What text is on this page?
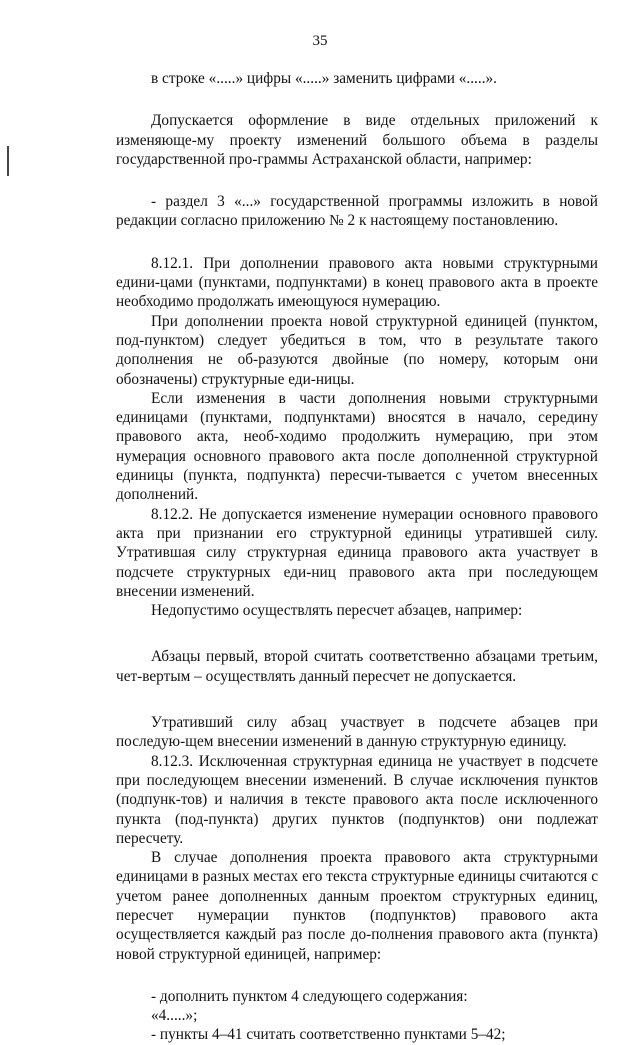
35

в строке «.....» цифры «.....» заменить цифрами «.....».

Допускается оформление в виде отдельных приложений к изменяюще-му проекту изменений большого объема в разделы государственной про-граммы Астраханской области, например:

- раздел 3 «...» государственной программы изложить в новой редакции согласно приложению № 2 к настоящему постановлению.

8.12.1. При дополнении правового акта новыми структурными едини-цами (пунктами, подпунктами) в конец правового акта в проекте необходимо продолжать имеющуюся нумерацию.

При дополнении проекта новой структурной единицей (пунктом, под-пунктом) следует убедиться в том, что в результате такого дополнения не об-разуются двойные (по номеру, которым они обозначены) структурные еди-ницы.

Если изменения в части дополнения новыми структурными единицами (пунктами, подпунктами) вносятся в начало, середину правового акта, необ-ходимо продолжить нумерацию, при этом нумерация основного правового акта после дополненной структурной единицы (пункта, подпункта) пересчи-тывается с учетом внесенных дополнений.

8.12.2. Не допускается изменение нумерации основного правового акта при признании его структурной единицы утратившей силу. Утратившая силу структурная единица правового акта участвует в подсчете структурных еди-ниц правового акта при последующем внесении изменений.

Недопустимо осуществлять пересчет абзацев, например:

Абзацы первый, второй считать соответственно абзацами третьим, чет-вертым – осуществлять данный пересчет не допускается.

Утративший силу абзац участвует в подсчете абзацев при последую-щем внесении изменений в данную структурную единицу.

8.12.3. Исключенная структурная единица не участвует в подсчете при последующем внесении изменений. В случае исключения пунктов (подпунк-тов) и наличия в тексте правового акта после исключенного пункта (под-пункта) других пунктов (подпунктов) они подлежат пересчету.

В случае дополнения проекта правового акта структурными единицами в разных местах его текста структурные единицы считаются с учетом ранее дополненных данным проектом структурных единиц, пересчет нумерации пунктов (подпунктов) правового акта осуществляется каждый раз после до-полнения правового акта (пункта) новой структурной единицей, например:

- дополнить пунктом 4 следующего содержания:

«4.....»;

- пункты 4–41 считать соответственно пунктами 5–42;
